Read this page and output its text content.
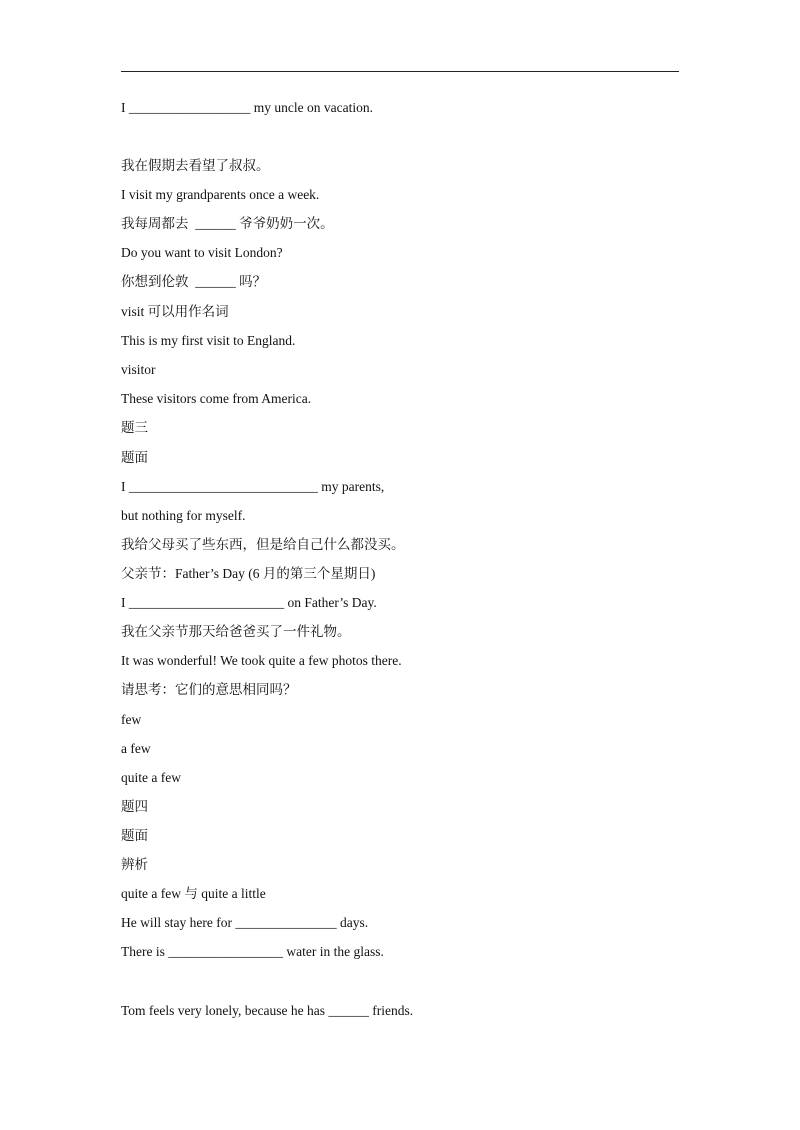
I __________________ my uncle on vacation.
我在假期去看望了叔叔。
I visit my grandparents once a week.
我每周都去  ______ 爷爷奶奶一次。
Do you want to visit London?
你想到伦敦  ______ 吗？
visit 可以用作名词
This is my first visit to England.
visitor
These visitors come from America.
题三
题面
I ____________________________ my parents,
but nothing for myself.
我给父母买了些东西，但是给自己什么都没买。
父亲节：Father’s Day (6 月的第三个星期日)
I _______________________ on Father’s Day.
我在父亲节那天给爸爸买了一件礼物。
It was wonderful! We took quite a few photos there.
请思考：它们的意思相同吗？
few
a few
quite a few
题四
题面
辨析
quite a few 与 quite a little
He will stay here for _______________ days.
There is _________________ water in the glass.
Tom feels very lonely, because he has ______ friends.
